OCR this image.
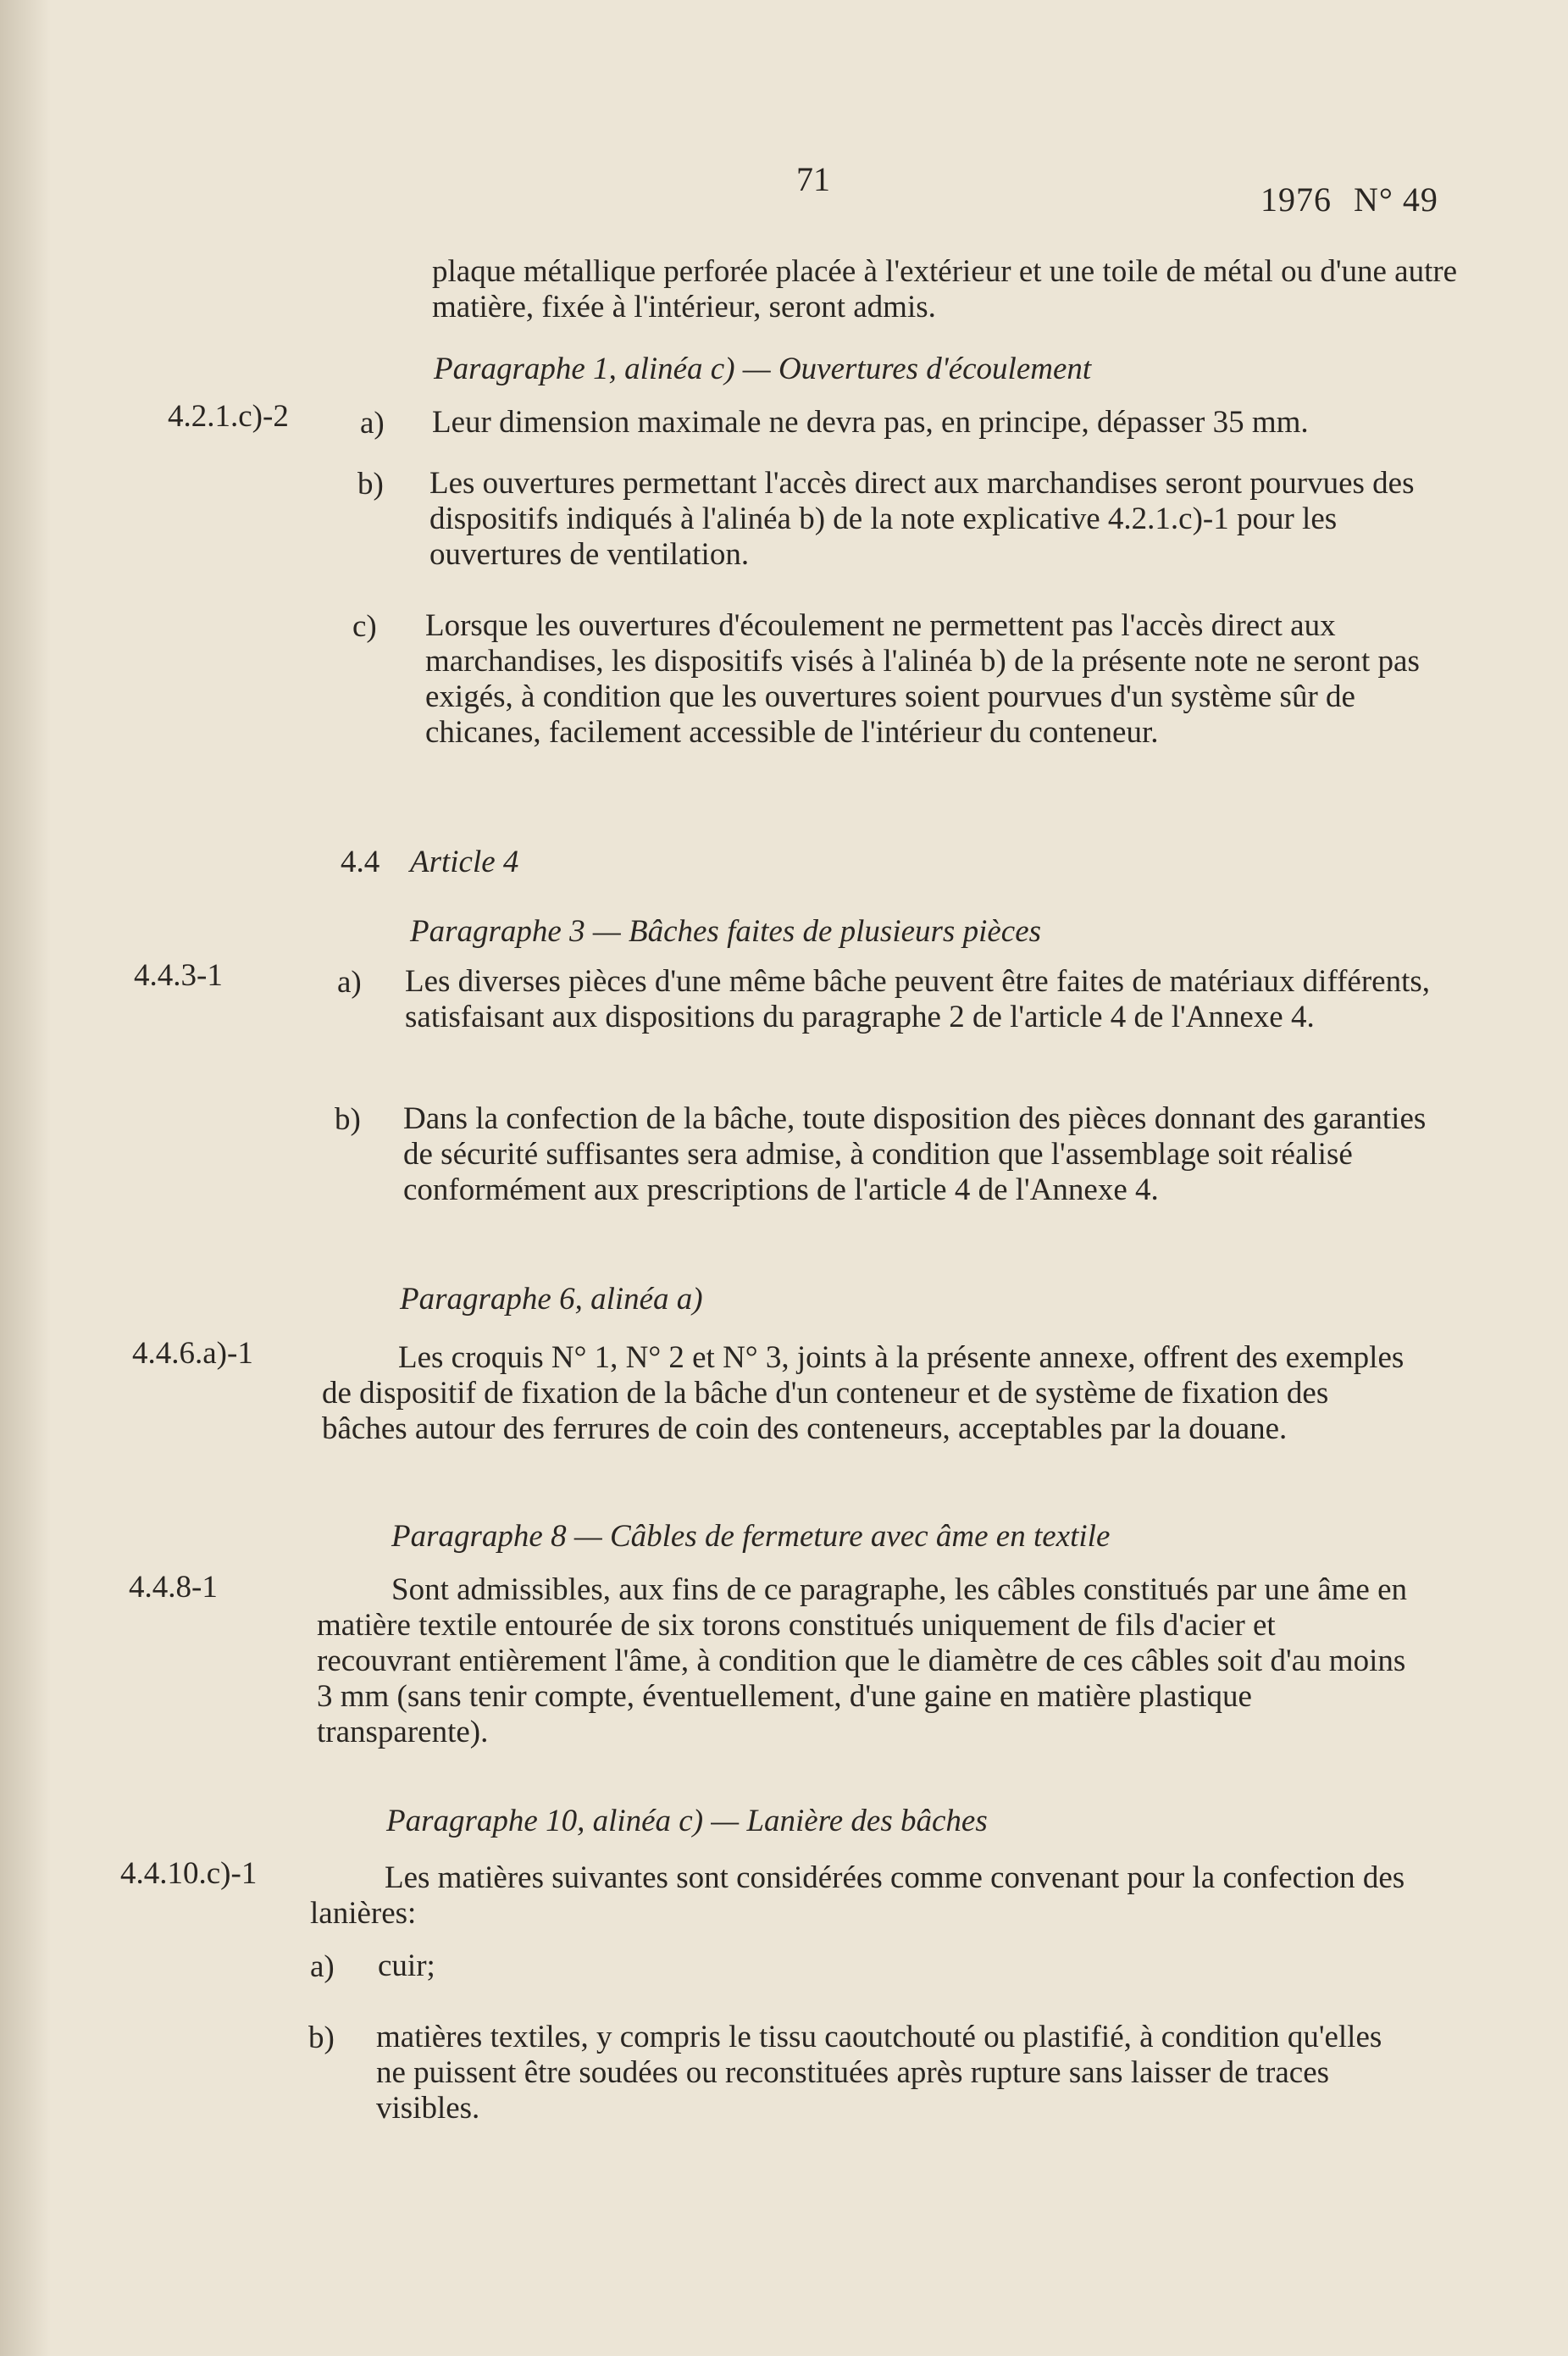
71
1976 N° 49
plaque métallique perforée placée à l'extérieur et une toile de métal ou d'une autre matière, fixée à l'intérieur, seront admis.
Paragraphe 1, alinéa c) — Ouvertures d'écoulement
4.2.1.c)-2 a) Leur dimension maximale ne devra pas, en principe, dépasser 35 mm.
b) Les ouvertures permettant l'accès direct aux marchandises seront pourvues des dispositifs indiqués à l'alinéa b) de la note explicative 4.2.1.c)-1 pour les ouvertures de ventilation.
c) Lorsque les ouvertures d'écoulement ne permettent pas l'accès direct aux marchandises, les dispositifs visés à l'alinéa b) de la présente note ne seront pas exigés, à condition que les ouvertures soient pourvues d'un système sûr de chicanes, facilement accessible de l'intérieur du conteneur.
4.4 Article 4
Paragraphe 3 — Bâches faites de plusieurs pièces
4.4.3-1	a) Les diverses pièces d'une même bâche peuvent être faites de matériaux différents, satisfaisant aux dispositions du paragraphe 2 de l'article 4 de l'Annexe 4.
b) Dans la confection de la bâche, toute disposition des pièces donnant des garanties de sécurité suffisantes sera admise, à condition que l'assemblage soit réalisé conformément aux prescriptions de l'article 4 de l'Annexe 4.
Paragraphe 6, alinéa a)
4.4.6.a)-1	Les croquis N° 1, N° 2 et N° 3, joints à la présente annexe, offrent des exemples de dispositif de fixation de la bâche d'un conteneur et de système de fixation des bâches autour des ferrures de coin des conteneurs, acceptables par la douane.
Paragraphe 8 — Câbles de fermeture avec âme en textile
4.4.8-1	Sont admissibles, aux fins de ce paragraphe, les câbles constitués par une âme en matière textile entourée de six torons constitués uniquement de fils d'acier et recouvrant entièrement l'âme, à condition que le diamètre de ces câbles soit d'au moins 3 mm (sans tenir compte, éventuellement, d'une gaine en matière plastique transparente).
Paragraphe 10, alinéa c) — Lanière des bâches
4.4.10.c)-1	Les matières suivantes sont considérées comme convenant pour la confection des lanières:
a) cuir;
b) matières textiles, y compris le tissu caoutchouté ou plastifié, à condition qu'elles ne puissent être soudées ou reconstituées après rupture sans laisser de traces visibles.
